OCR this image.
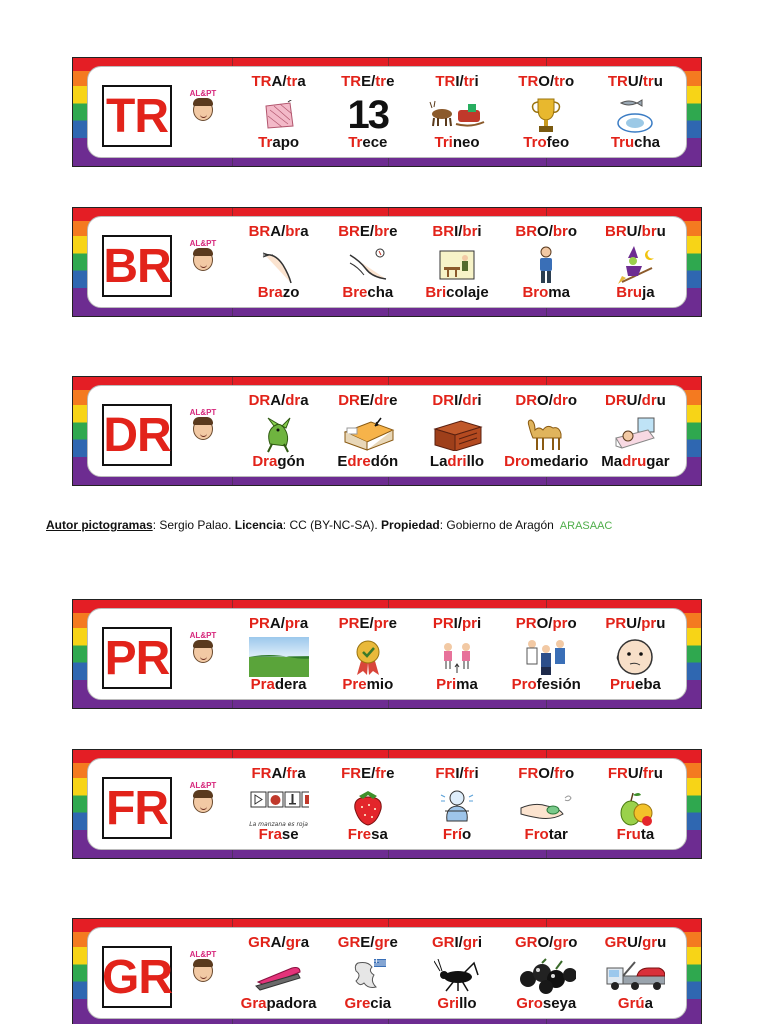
TR	AL&PT

TRA/tra
Trapo
TRE/tre
13
Trece
TRI/tri
Trineo
TRO/tro
Trofeo
TRU/tru
Trucha
BR	AL&PT

BRA/bra
Brazo
BRE/bre
Brecha
BRI/bri
Bricolaje
BRO/bro
Broma
BRU/bru
Bruja
DR	AL&PT

DRA/dra
Dragón
DRE/dre
Edredón
DRI/dri
Ladrillo
DRO/dro
Dromedario
DRU/dru
Madrugar
PR	AL&PT

PRA/pra
Pradera
PRE/pre
Premio
PRI/pri
Prima
PRO/pro
Profesión
PRU/pru
Prueba
FR	AL&PT

FRA/fra
La manzana es roja
Frase
FRE/fre
Fresa
FRI/fri
Frío
FRO/fro
Frotar
FRU/fru
Fruta
GR	AL&PT

GRA/gra
Grapadora
GRE/gre
Grecia
GRI/gri
Grillo
GRO/gro
Groseya
GRU/gru
Grúa
Autor pictogramas: Sergio Palao. Licencia: CC (BY-NC-SA). Propiedad: Gobierno de Aragón ARASAAC
